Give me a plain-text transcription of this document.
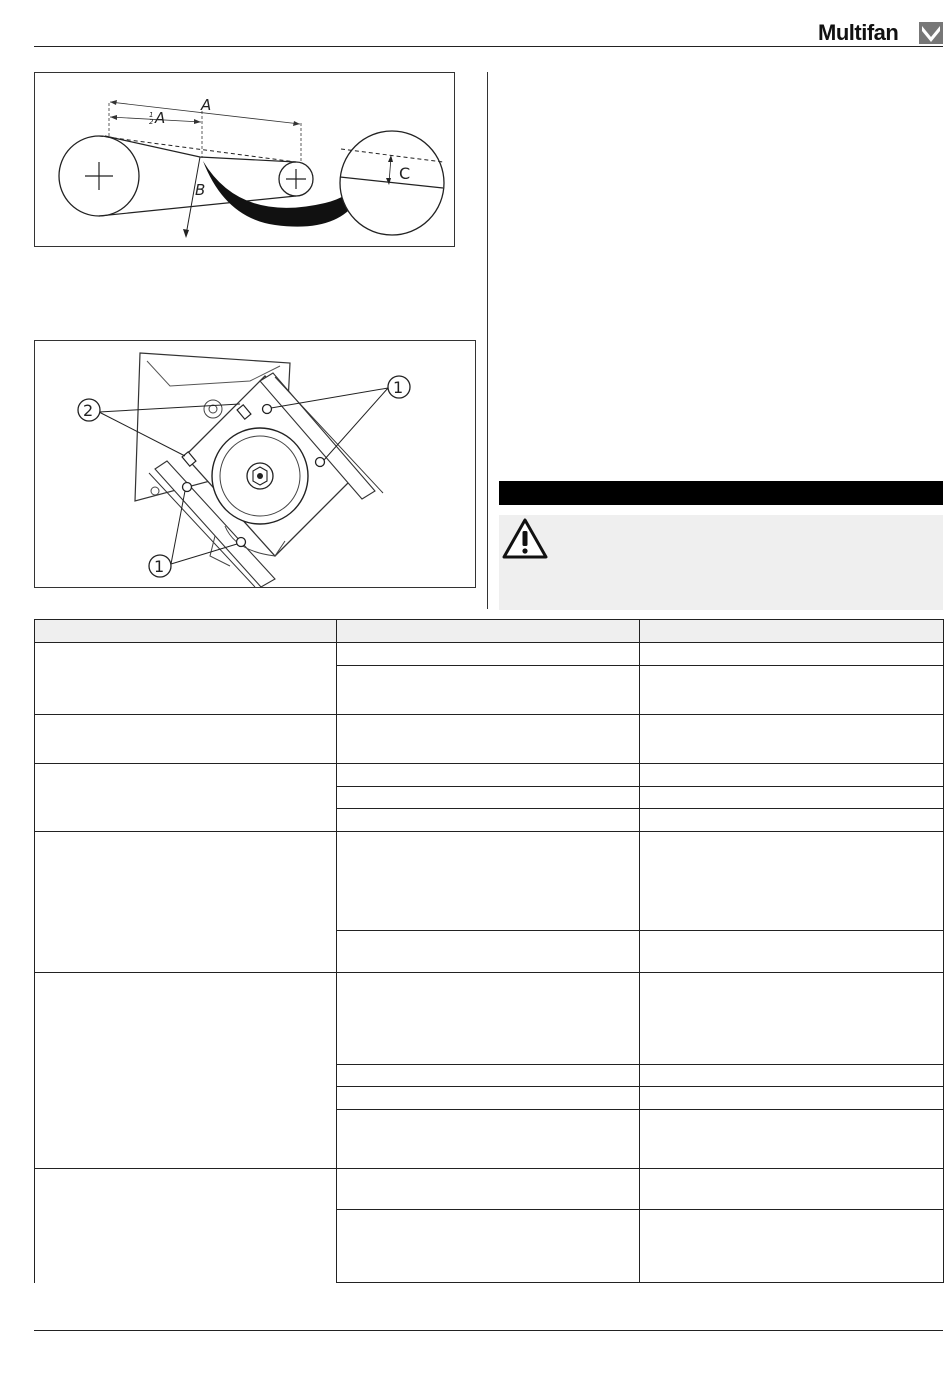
Multifan
A
1
2 A
B
C
1
1
2
